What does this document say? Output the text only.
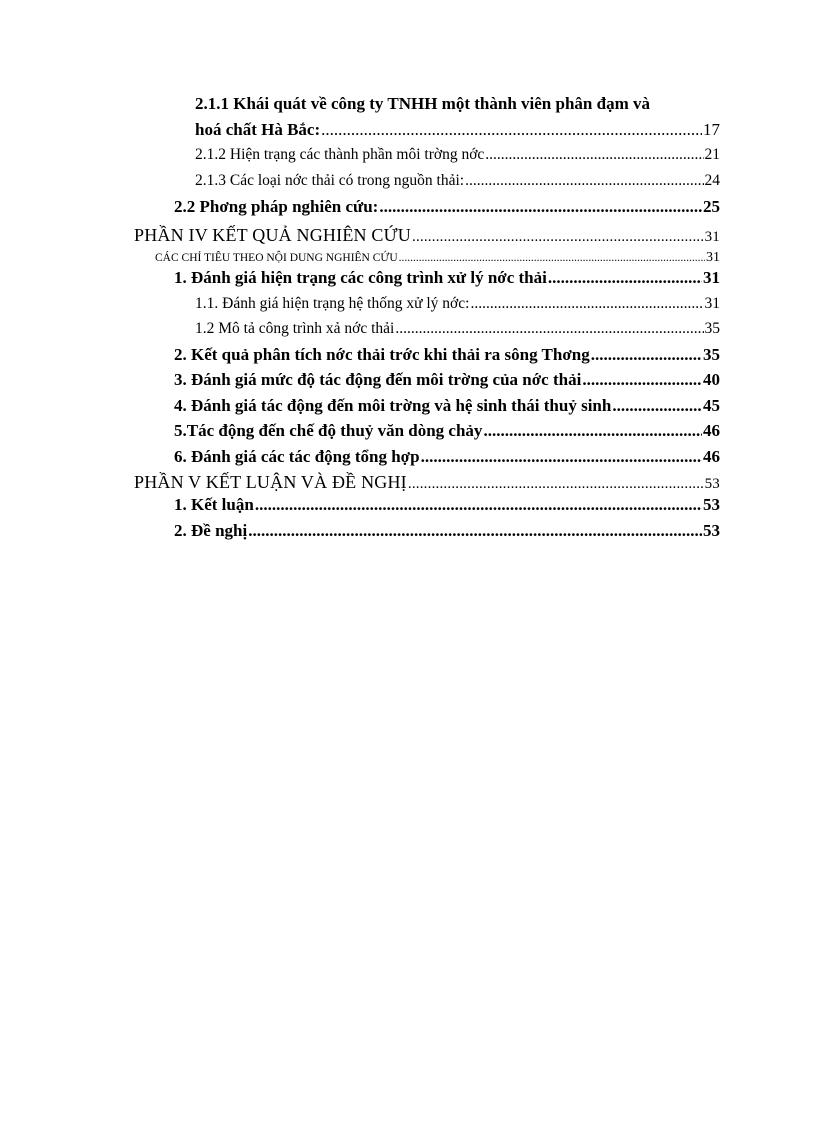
2.1.1 Khái quát về công ty TNHH một thành viên phân đạm và
hoá chất Hà Bắc: .....	17
2.1.2 Hiện trạng các thành phần môi trờng nớc .....	21
2.1.3 Các loại nớc thải có trong nguồn thải: .....	24
2.2 Phơng pháp nghiên cứu: .....	25
PHẦN IV KẾT QUẢ NGHIÊN CỨU .....	31
CÁC CHỈ TIÊU THEO NỘI DUNG NGHIÊN CỨU .....	31
1. Đánh giá hiện trạng các công trình xử lý nớc thải .....	31
1.1. Đánh giá hiện trạng hệ thống xử lý nớc: .....	31
1.2 Mô tả công trình xả nớc thải .....	35
2. Kết quả phân tích nớc thải trớc khi thải ra sông Thơng .....	35
3. Đánh giá mức độ tác động đến môi trờng của nớc thải .....	40
4. Đánh giá tác động đến môi trờng và hệ sinh thái thuỷ sinh .....	45
5.Tác động đến chế độ thuỷ văn dòng chảy .....	46
6. Đánh giá các tác động tổng hợp .....	46
PHẦN V KẾT LUẬN VÀ ĐỀ NGHỊ .....	53
1. Kết luận .....	53
2. Đề nghị .....	53
